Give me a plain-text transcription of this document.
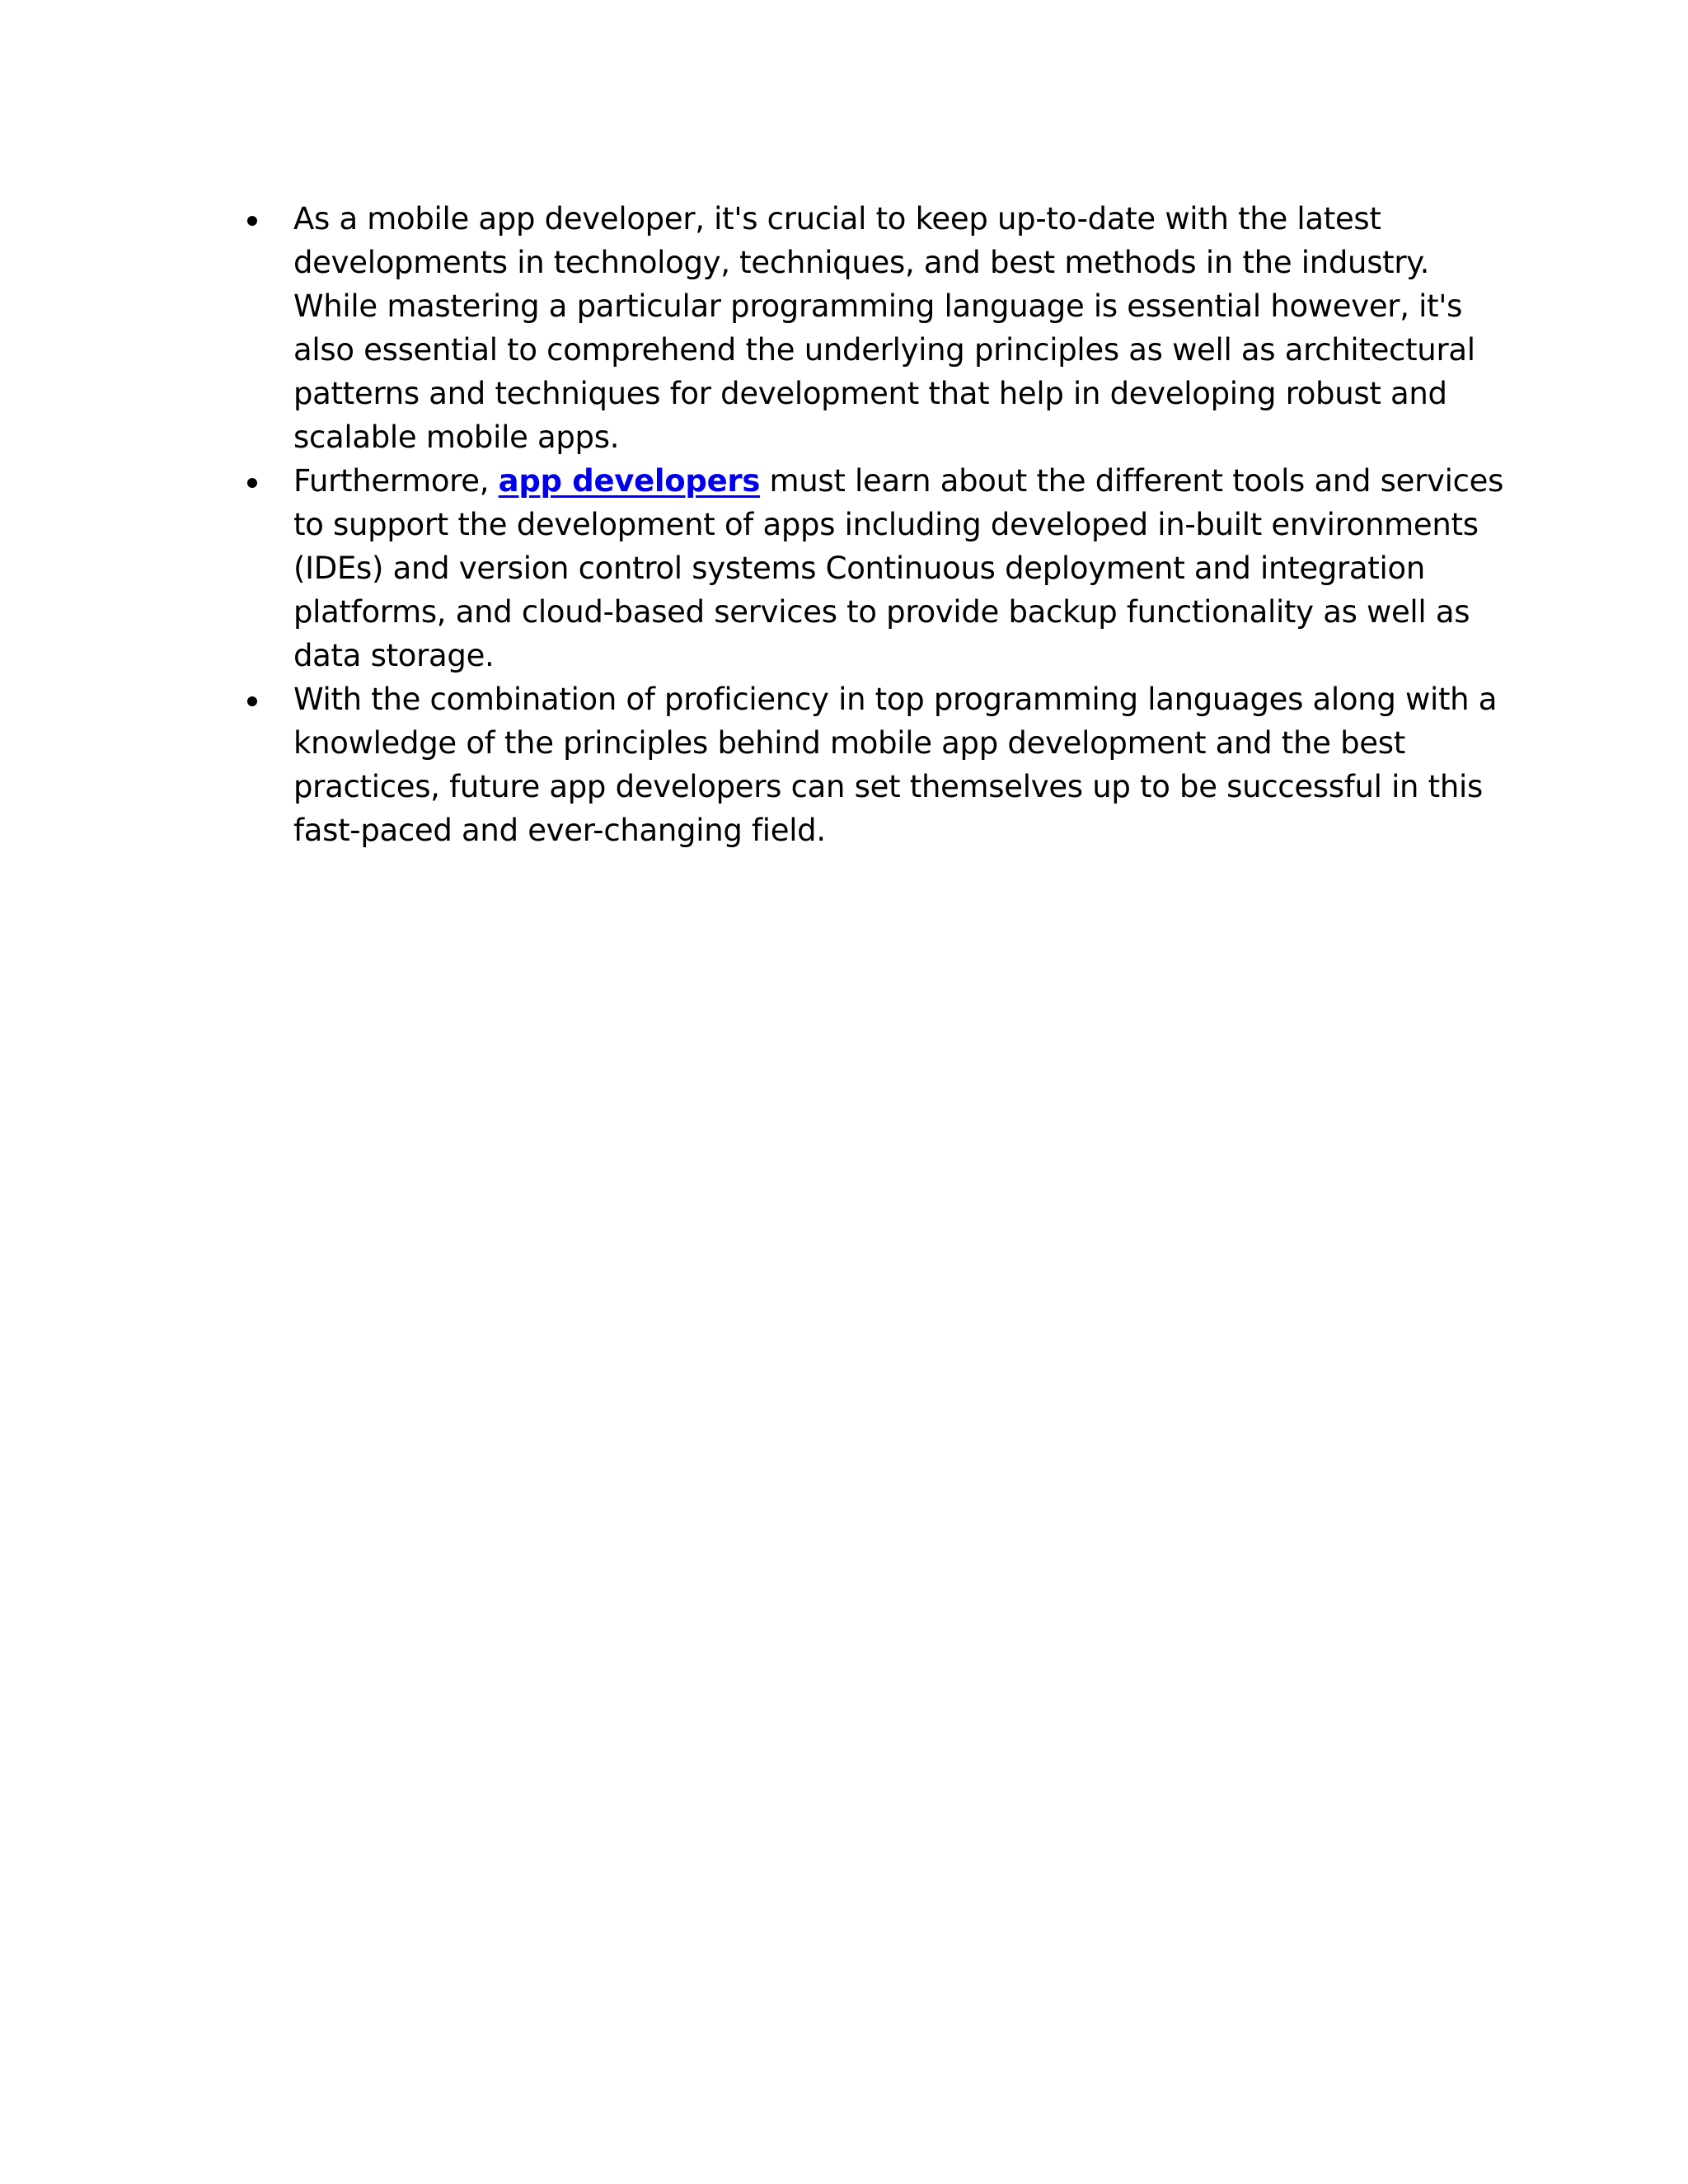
As a mobile app developer, it's crucial to keep up-to-date with the latest developments in technology, techniques, and best methods in the industry. While mastering a particular programming language is essential however, it's also essential to comprehend the underlying principles as well as architectural patterns and techniques for development that help in developing robust and scalable mobile apps.
Furthermore, app developers must learn about the different tools and services to support the development of apps including developed in-built environments (IDEs) and version control systems Continuous deployment and integration platforms, and cloud-based services to provide backup functionality as well as data storage.
With the combination of proficiency in top programming languages along with a knowledge of the principles behind mobile app development and the best practices, future app developers can set themselves up to be successful in this fast-paced and ever-changing field.
